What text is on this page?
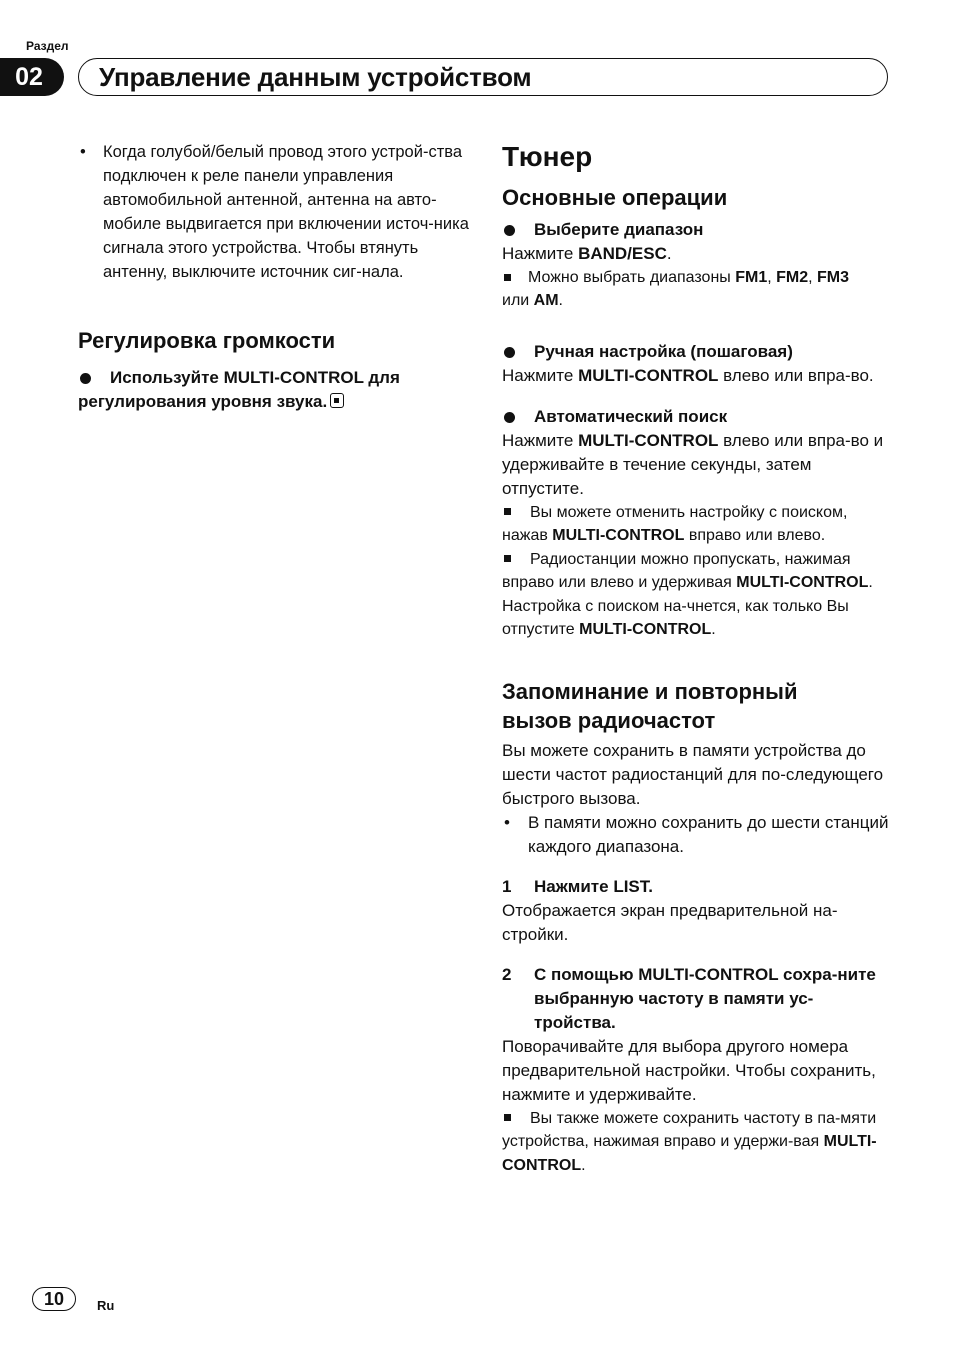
Раздел
02	Управление данным устройством
• Когда голубой/белый провод этого устрой-ства подключен к реле панели управления автомобильной антенной, антенна на авто-мобиле выдвигается при включении источ-ника сигнала этого устройства. Чтобы втянуть антенну, выключите источник сиг-нала.

Регулировка громкости
Используйте MULTI-CONTROL для регулирования уровня звука.
Тюнер
Основные операции
Выберите диапазон

Нажмите BAND/ESC.

Можно выбрать диапазоны FM1, FM2, FM3

или AM.

Ручная настройка (пошаговая)

Нажмите MULTI-CONTROL влево или впра-во.

Автоматический поиск

Нажмите MULTI-CONTROL влево или впра-во и удерживайте в течение секунды, затем отпустите.

Вы можете отменить настройку с поиском, нажав MULTI-CONTROL вправо или влево.

Радиостанции можно пропускать, нажимая вправо или влево и удерживая MULTI-CONTROL. Настройка с поиском на-чнется, как только Вы отпустите MULTI-CONTROL.

Запоминание и повторный вызов радиочастот

Вы можете сохранить в памяти устройства до шести частот радиостанций для по-следующего быстрого вызова.

• В памяти можно сохранить до шести станций каждого диапазона.

1 Нажмите LIST.

Отображается экран предварительной на-стройки.

2 С помощью MULTI-CONTROL сохра-ните выбранную частоту в памяти ус-тройства.

Поворачивайте для выбора другого номера предварительной настройки. Чтобы сохранить, нажмите и удерживайте.

Вы также можете сохранить частоту в па-мяти устройства, нажимая вправо и удержи-вая MULTI-CONTROL.

10	Ru
